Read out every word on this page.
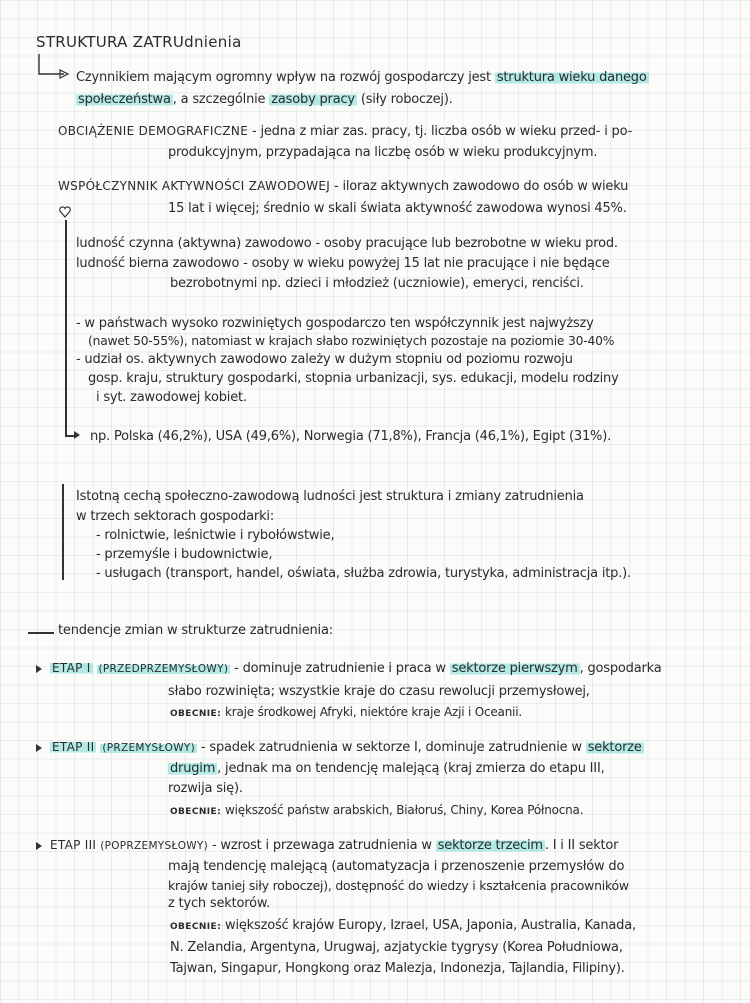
STRUKTURA ZATRUdnienia
Czynnikiem mającym ogromny wpływ na rozwój gospodarczy jest struktura wieku danego
społeczeństwa , a szczególnie zasoby pracy (siły roboczej).
OBCIĄŻENIE DEMOGRAFICZNE - jedna z miar zas. pracy, tj. liczba osób w wieku przed- i po-
produkcyjnym, przypadająca na liczbę osób w wieku produkcyjnym.
WSPÓŁCZYNNIK AKTYWNOŚCI ZAWODOWEJ - iloraz aktywnych zawodowo do osób w wieku
15 lat i więcej; średnio w skali świata aktywność zawodowa wynosi 45%.
ludność czynna (aktywna) zawodowo - osoby pracujące lub bezrobotne w wieku prod.
ludność bierna zawodowo - osoby w wieku powyżej 15 lat nie pracujące i nie będące
bezrobotnymi np. dzieci i młodzież (uczniowie), emeryci, renciści.
- w państwach wysoko rozwiniętych gospodarczo ten współczynnik jest najwyższy
(nawet 50-55%), natomiast w krajach słabo rozwiniętych pozostaje na poziomie 30-40%
- udział os. aktywnych zawodowo zależy w dużym stopniu od poziomu rozwoju
gosp. kraju, struktury gospodarki, stopnia urbanizacji, sys. edukacji, modelu rodziny
i syt. zawodowej kobiet.
np. Polska (46,2%), USA (49,6%), Norwegia (71,8%), Francja (46,1%), Egipt (31%).
Istotną cechą społeczno-zawodową ludności jest struktura i zmiany zatrudnienia
w trzech sektorach gospodarki:
- rolnictwie, leśnictwie i rybołówstwie,
- przemyśle i budownictwie,
- usługach (transport, handel, oświata, służba zdrowia, turystyka, administracja itp.).
tendencje zmian w strukturze zatrudnienia:
ETAP I (PRZEDPRZEMYSŁOWY) - dominuje zatrudnienie i praca w sektorze pierwszym , gospodarka
słabo rozwinięta; wszystkie kraje do czasu rewolucji przemysłowej,
OBECNIE: kraje środkowej Afryki, niektóre kraje Azji i Oceanii.
ETAP II (PRZEMYSŁOWY) - spadek zatrudnienia w sektorze I, dominuje zatrudnienie w sektorze
drugim , jednak ma on tendencję malejącą (kraj zmierza do etapu III,
rozwija się).
OBECNIE: większość państw arabskich, Białoruś, Chiny, Korea Północna.
ETAP III (POPRZEMYSŁOWY) - wzrost i przewaga zatrudnienia w sektorze trzecim . I i II sektor
mają tendencję malejącą (automatyzacja i przenoszenie przemysłów do
krajów taniej siły roboczej), dostępność do wiedzy i kształcenia pracowników
z tych sektorów.
OBECNIE: większość krajów Europy, Izrael, USA, Japonia, Australia, Kanada,
N. Zelandia, Argentyna, Urugwaj, azjatyckie tygrysy (Korea Południowa,
Tajwan, Singapur, Hongkong oraz Malezja, Indonezja, Tajlandia, Filipiny).
